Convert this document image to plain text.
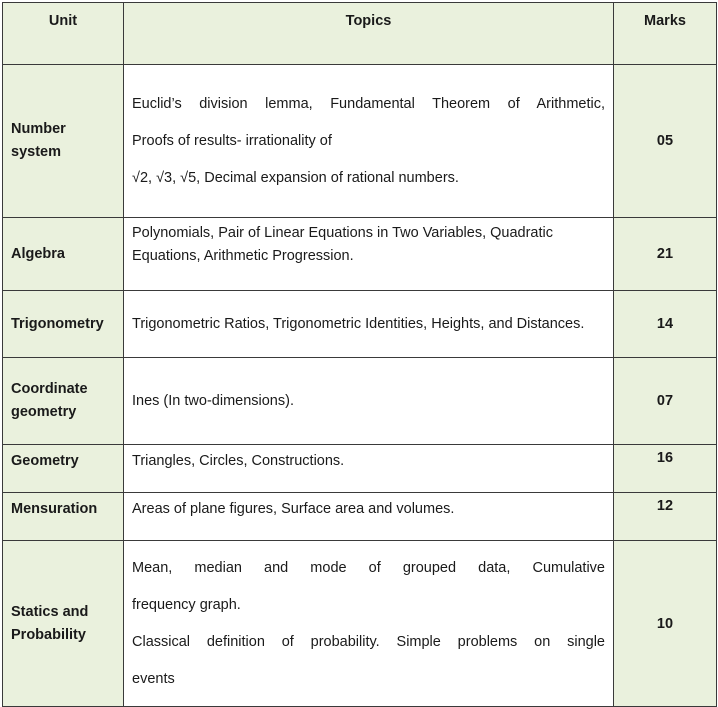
Unit	Topics	Marks
Number
system	Euclid’s division lemma, Fundamental Theorem of Arithmetic,
Proofs of results- irrationality of
√2, √3, √5, Decimal expansion of rational numbers.	05
Algebra	Polynomials, Pair of Linear Equations in Two Variables, Quadratic
Equations, Arithmetic Progression.	21
Trigonometry	Trigonometric Ratios, Trigonometric Identities, Heights, and Distances.	14
Coordinate
geometry	Ines (In two-dimensions).	07
Geometry	Triangles, Circles, Constructions.	16
Mensuration	Areas of plane figures, Surface area and volumes.	12
Statics and
Probability	Mean, median and mode of grouped data, Cumulative
frequency graph.
Classical definition of probability. Simple problems on single
events	10
